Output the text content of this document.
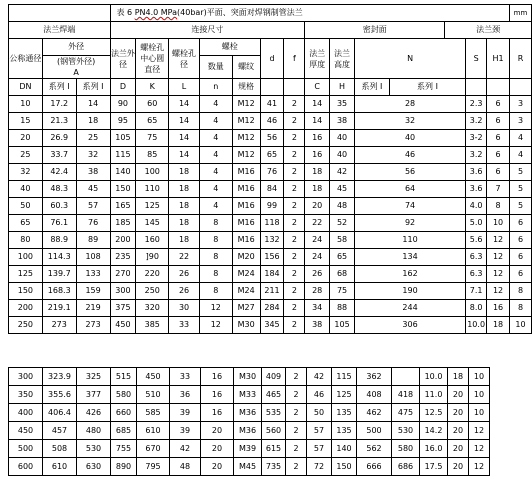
			表 6 PN4.0 MPa(40bar)平面、突面对焊钢制管法兰														mm
法兰焊端			连接尺寸							密封面				法兰颈			
公称通径	外径		法兰外径	螺栓孔中心圆直径	螺栓孔径	螺栓		d	f	法兰厚度	法兰高度	N			S	H1	R
	(钢管外径)
A					数量	螺纹										
DN	系列 I	系列 I	D	K	L	n	规格			C	H	系列 I	系列 I				
10	17.2	14	90	60	14	4	M12	41	2	14	35	28			2.3	6	3
15	21.3	18	95	65	14	4	M12	46	2	14	38	32			3.2	6	3
20	26.9	25	105	75	14	4	M12	56	2	16	40	40			3-2	6	4
25	33.7	32	115	85	14	4	M12	65	2	16	40	46			3.2	6	4
32	42.4	38	140	100	18	4	M16	76	2	18	42	56			3.6	6	5
40	48.3	45	150	110	18	4	M16	84	2	18	45	64			3.6	7	5
50	60.3	57	165	125	18	4	M16	99	2	20	48	74			4.0	8	5
65	76.1	76	185	145	18	8	M16	118	2	22	52	92			5.0	10	6
80	88.9	89	200	160	18	8	M16	132	2	24	58	110			5.6	12	6
100	114.3	108	235	]90	22	8	M20	156	2	24	65	134			6.3	12	6
125	139.7	133	270	220	26	8	M24	184	2	26	68	162			6.3	12	6
150	168.3	159	300	250	26	8	M24	211	2	28	75	190			7.1	12	8
200	219.1	219	375	320	30	12	M27	284	2	34	88	244			8.0	16	8
250	273	273	450	385	33	12	M30	345	2	38	105	306			10.0	18	10
300	323.9	325	515	450	33	16	M30	409	2	42	115	362		10.0	18	10
350	355.6	377	580	510	36	16	M33	465	2	46	125	408	418	11.0	20	10
400	406.4	426	660	585	39	16	M36	535	2	50	135	462	475	12.5	20	10
450	457	480	685	610	39	20	M36	560	2	57	135	500	530	14.2	20	12
500	508	530	755	670	42	20	M39	615	2	57	140	562	580	16.0	20	12
600	610	630	890	795	48	20	M45	735	2	72	150	666	686	17.5	20	12
